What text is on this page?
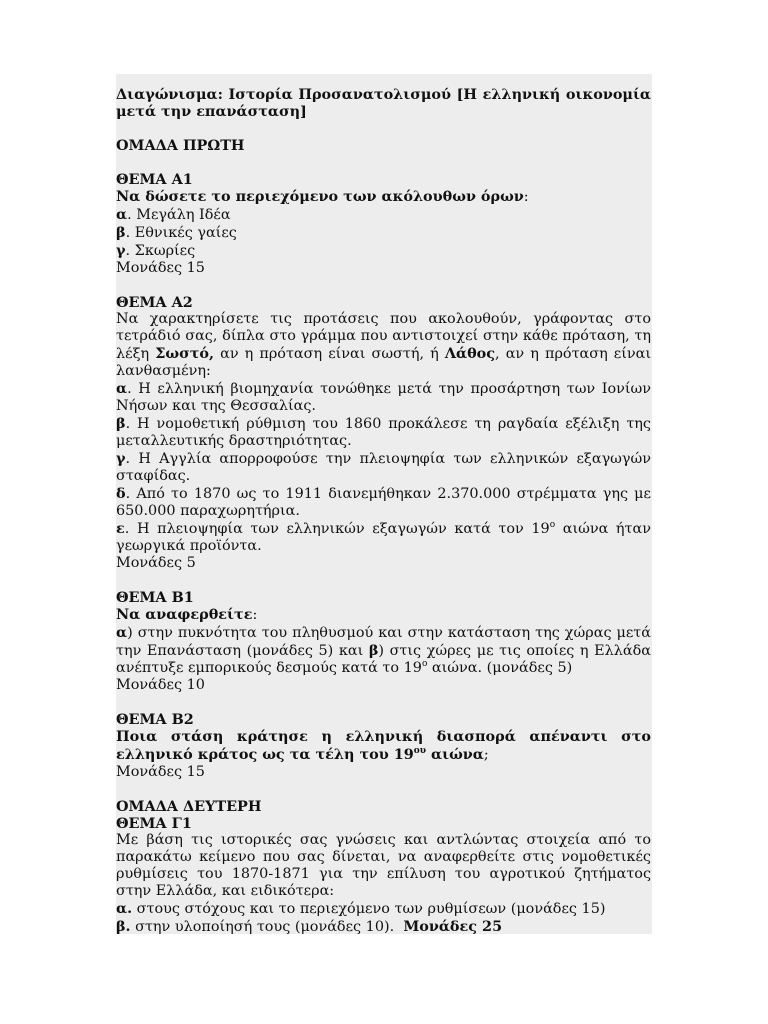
Διαγώνισμα: Ιστορία Προσανατολισμού [Η ελληνική οικονομία μετά την επανάσταση]

ΟΜΑΔΑ ΠΡΩΤΗ

ΘΕΜΑ Α1

Να δώσετε το περιεχόμενο των ακόλουθων όρων:

α. Μεγάλη Ιδέα

β. Εθνικές γαίες

γ. Σκωρίες

Μονάδες 15

ΘΕΜΑ Α2

Να χαρακτηρίσετε τις προτάσεις που ακολουθούν, γράφοντας στο τετράδιό σας, δίπλα στο γράμμα που αντιστοιχεί στην κάθε πρόταση, τη λέξη Σωστό, αν η πρόταση είναι σωστή, ή Λάθος, αν η πρόταση είναι λανθασμένη:

α. Η ελληνική βιομηχανία τονώθηκε μετά την προσάρτηση των Ιονίων Νήσων και της Θεσσαλίας.

β. Η νομοθετική ρύθμιση του 1860 προκάλεσε τη ραγδαία εξέλιξη της μεταλλευτικής δραστηριότητας.

γ. Η Αγγλία απορροφούσε την πλειοψηφία των ελληνικών εξαγωγών σταφίδας.

δ. Από το 1870 ως το 1911 διανεμήθηκαν 2.370.000 στρέμματα γης με 650.000 παραχωρητήρια.

ε. Η πλειοψηφία των ελληνικών εξαγωγών κατά τον $19^o$ αιώνα ήταν γεωργικά προϊόντα.

Μονάδες 5

ΘΕΜΑ Β1

Να αναφερθείτε:

α) στην πυκνότητα του πληθυσμού και στην κατάσταση της χώρας μετά την Επανάσταση (μονάδες 5) και β) στις χώρες με τις οποίες η Ελλάδα ανέπτυξε εμπορικούς δεσμούς κατά το $19^o$ αιώνα. (μονάδες 5)

Μονάδες 10

ΘΕΜΑ Β2

Ποια στάση κράτησε η ελληνική διασπορά απέναντι στο ελληνικό κράτος ως τα τέλη του $19^{o\upsilon}$ αιώνα;

Μονάδες 15

ΟΜΑΔΑ ΔΕΥΤΕΡΗ

ΘΕΜΑ Γ1

Με βάση τις ιστορικές σας γνώσεις και αντλώντας στοιχεία από το παρακάτω κείμενο που σας δίνεται, να αναφερθείτε στις νομοθετικές ρυθμίσεις του 1870-1871 για την επίλυση του αγροτικού ζητήματος στην Ελλάδα, και ειδικότερα:

α. στους στόχους και το περιεχόμενο των ρυθμίσεων (μονάδες 15)

β. στην υλοποίησή τους (μονάδες 10). Μονάδες 25
